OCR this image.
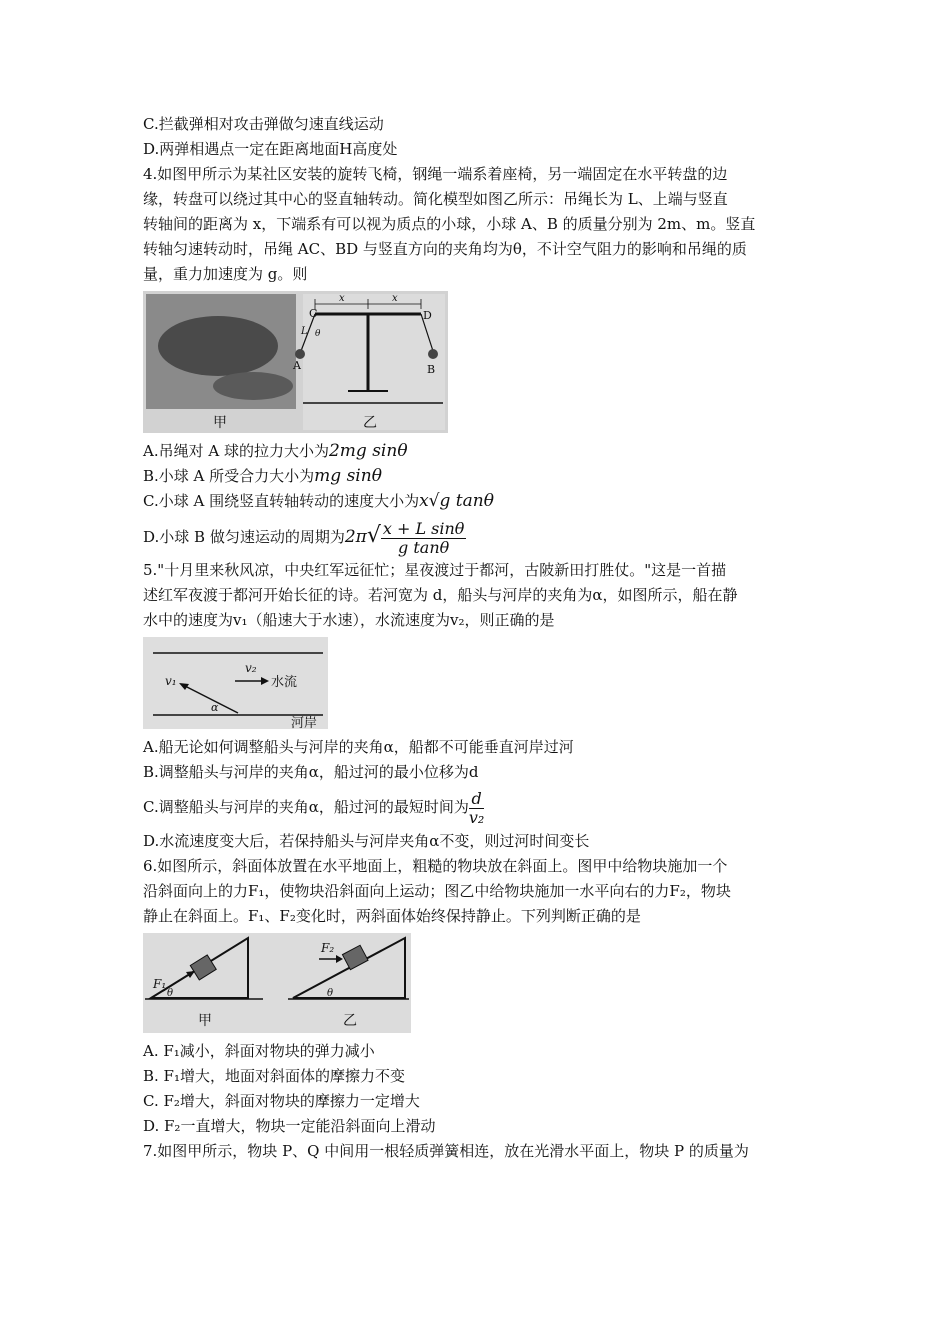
C.拦截弹相对攻击弹做匀速直线运动
D.两弹相遇点一定在距离地面H高度处
4.如图甲所示为某社区安装的旋转飞椅，钢绳一端系着座椅，另一端固定在水平转盘的边
缘，转盘可以绕过其中心的竖直轴转动。简化模型如图乙所示：吊绳长为 L、上端与竖直
转轴间的距离为 x，下端系有可以视为质点的小球，小球 A、B 的质量分别为 2m、m。竖直
转轴匀速转动时，吊绳 AC、BD 与竖直方向的夹角均为θ，不计空气阻力的影响和吊绳的质
量，重力加速度为 g。则
甲
C	D
x	x
L θ
A	B
乙
A.吊绳对 A 球的拉力大小为2mg sinθ
B.小球 A 所受合力大小为mg sinθ
C.小球 A 围绕竖直转轴转动的速度大小为x√g tanθ
D.小球 B 做匀速运动的周期为$2\pi√ \frac{\text{x + L sinθ}}{\text{g tanθ}}$
5."十月里来秋风凉，中央红军远征忙；星夜渡过于都河，古陂新田打胜仗。"这是一首描
述红军夜渡于都河开始长征的诗。若河宽为 d，船头与河岸的夹角为α，如图所示，船在静
水中的速度为v₁（船速大于水速），水流速度为v₂，则正确的是
v₁
v₂
水流
河岸
α
A.船无论如何调整船头与河岸的夹角α，船都不可能垂直河岸过河
B.调整船头与河岸的夹角α，船过河的最小位移为d
C.调整船头与河岸的夹角α，船过河的最短时间为 $\frac{d}{\text{v₂}}$
D.水流速度变大后，若保持船头与河岸夹角α不变，则过河时间变长
6.如图所示，斜面体放置在水平地面上，粗糙的物块放在斜面上。图甲中给物块施加一个
沿斜面向上的力F₁，使物块沿斜面向上运动；图乙中给物块施加一水平向右的力F₂，物块
静止在斜面上。F₁、F₂变化时，两斜面体始终保持静止。下列判断正确的是
F₁
θ
甲
F₂
θ
乙
A. F₁减小，斜面对物块的弹力减小
B. F₁增大，地面对斜面体的摩擦力不变
C. F₂增大，斜面对物块的摩擦力一定增大
D. F₂一直增大，物块一定能沿斜面向上滑动
7.如图甲所示，物块 P、Q 中间用一根轻质弹簧相连，放在光滑水平面上，物块 P 的质量为
